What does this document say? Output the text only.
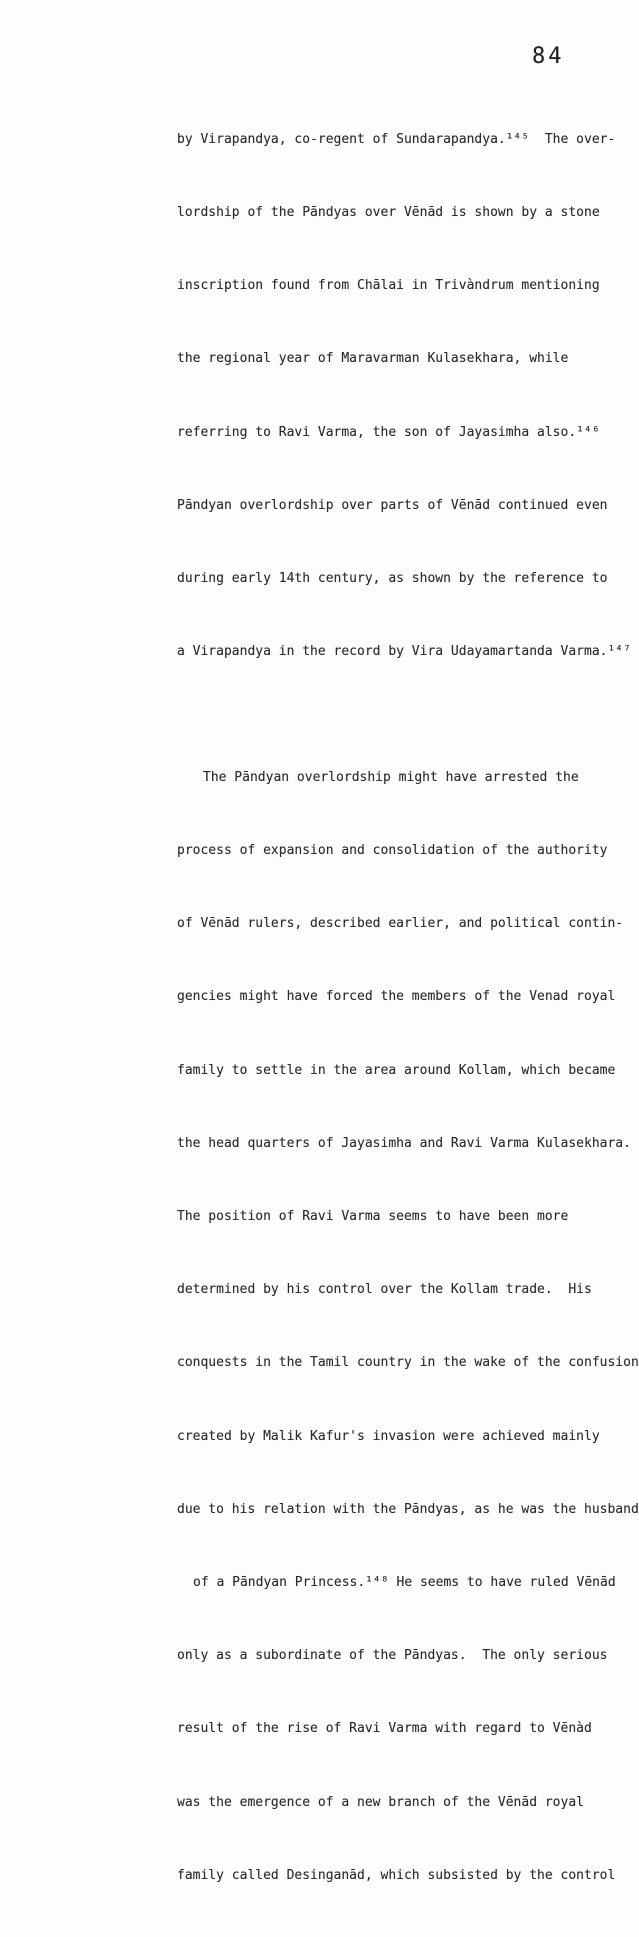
84

by Virapandya, co-regent of Sundarapandya.¹⁴⁵  The over-

lordship of the Pāndyas over Vēnād is shown by a stone

inscription found from Chālai in Trivàndrum mentioning

the regional year of Maravarman Kulasekhara, while

referring to Ravi Varma, the son of Jayasimha also.¹⁴⁶

Pāndyan overlordship over parts of Vēnād continued even

during early 14th century, as shown by the reference to

a Virapandya in the record by Vira Udayamartanda Varma.¹⁴⁷

The Pāndyan overlordship might have arrested the

process of expansion and consolidation of the authority

of Vēnād rulers, described earlier, and political contin-

gencies might have forced the members of the Venad royal

family to settle in the area around Kollam, which became

the head quarters of Jayasimha and Ravi Varma Kulasekhara.

The position of Ravi Varma seems to have been more

determined by his control over the Kollam trade.  His

conquests in the Tamil country in the wake of the confusion

created by Malik Kafur's invasion were achieved mainly

due to his relation with the Pāndyas, as he was the husband

of a Pāndyan Princess.¹⁴⁸ He seems to have ruled Vēnād

only as a subordinate of the Pāndyas.  The only serious

result of the rise of Ravi Varma with regard to Vēnàd

was the emergence of a new branch of the Vēnād royal

family called Desinganād, which subsisted by the control
